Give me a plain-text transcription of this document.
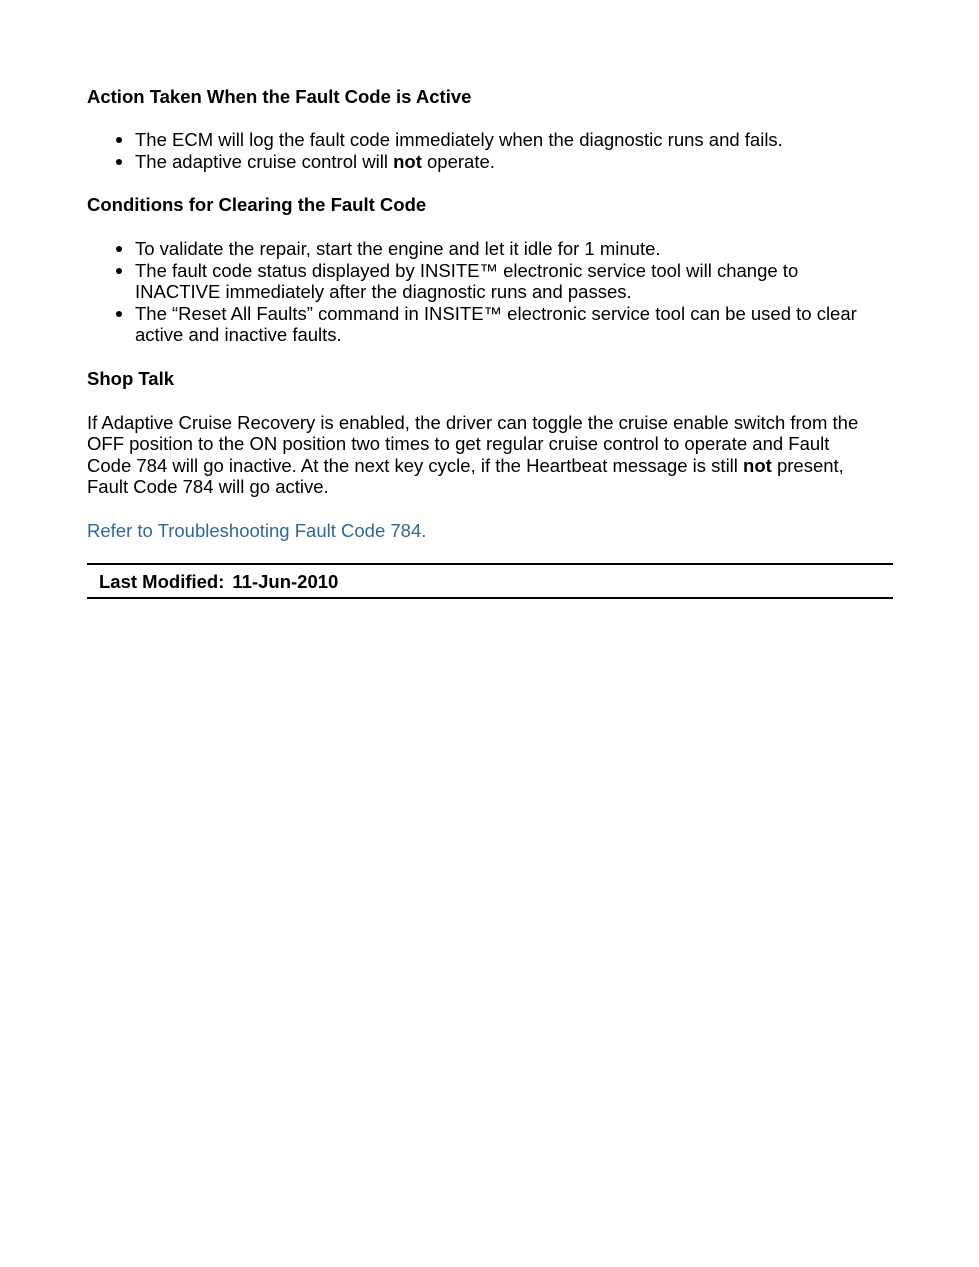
Action Taken When the Fault Code is Active
The ECM will log the fault code immediately when the diagnostic runs and fails.
The adaptive cruise control will not operate.
Conditions for Clearing the Fault Code
To validate the repair, start the engine and let it idle for 1 minute.
The fault code status displayed by INSITE™ electronic service tool will change to
INACTIVE immediately after the diagnostic runs and passes.
The “Reset All Faults” command in INSITE™ electronic service tool can be used to clear
active and inactive faults.
Shop Talk

If Adaptive Cruise Recovery is enabled, the driver can toggle the cruise enable switch from the
OFF position to the ON position two times to get regular cruise control to operate and Fault
Code 784 will go inactive. At the next key cycle, if the Heartbeat message is still not present,
Fault Code 784 will go active.

Refer to Troubleshooting Fault Code 784.

Last Modified: 11-Jun-2010
